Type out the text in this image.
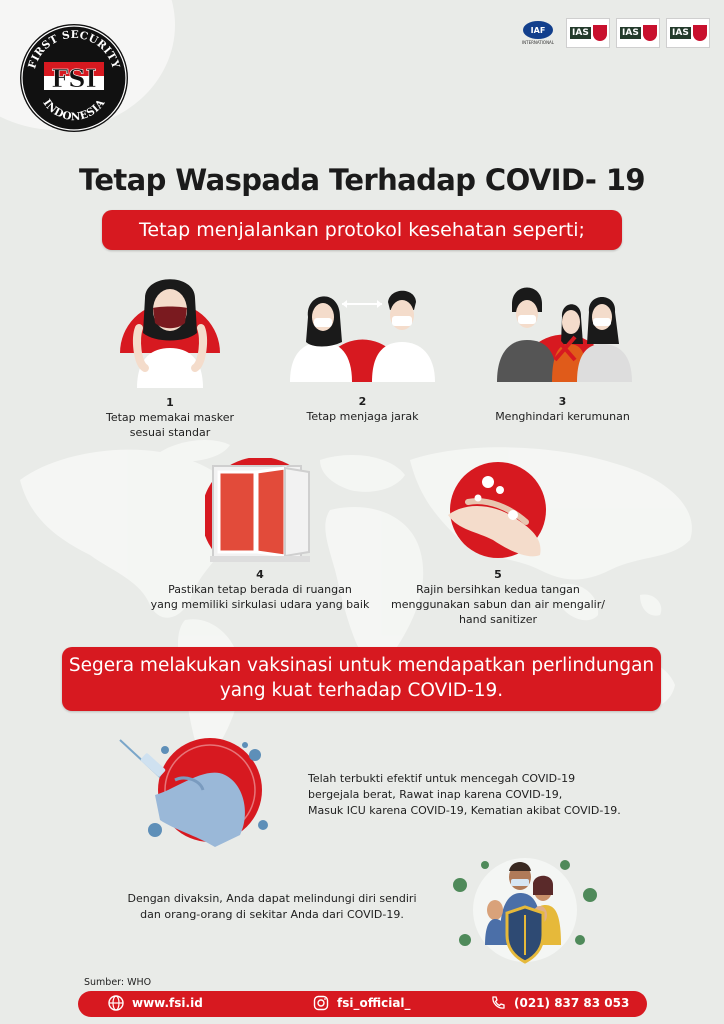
FIRST SECURITY
INDONESIA
FSI
IAF
INTERNATIONAL
IAS	IAS	IAS
Tetap Waspada Terhadap COVID- 19
Tetap menjalankan protokol kesehatan seperti;
1
Tetap memakai masker
sesuai standar
2
Tetap menjaga jarak
3
Menghindari kerumunan
4
Pastikan tetap berada di ruangan
yang memiliki sirkulasi udara yang baik
5
Rajin bersihkan kedua tangan
menggunakan sabun dan air mengalir/
hand sanitizer
Segera melakukan vaksinasi untuk mendapatkan perlindungan
yang kuat terhadap COVID-19.
Telah terbukti efektif untuk mencegah COVID-19
bergejala berat, Rawat inap karena COVID-19,
Masuk ICU karena COVID-19, Kematian akibat COVID-19.
Dengan divaksin, Anda dapat melindungi diri sendiri
dan orang-orang di sekitar Anda dari COVID-19.
Sumber: WHO
www.fsi.id	fsi_official_	(021) 837 83 053
